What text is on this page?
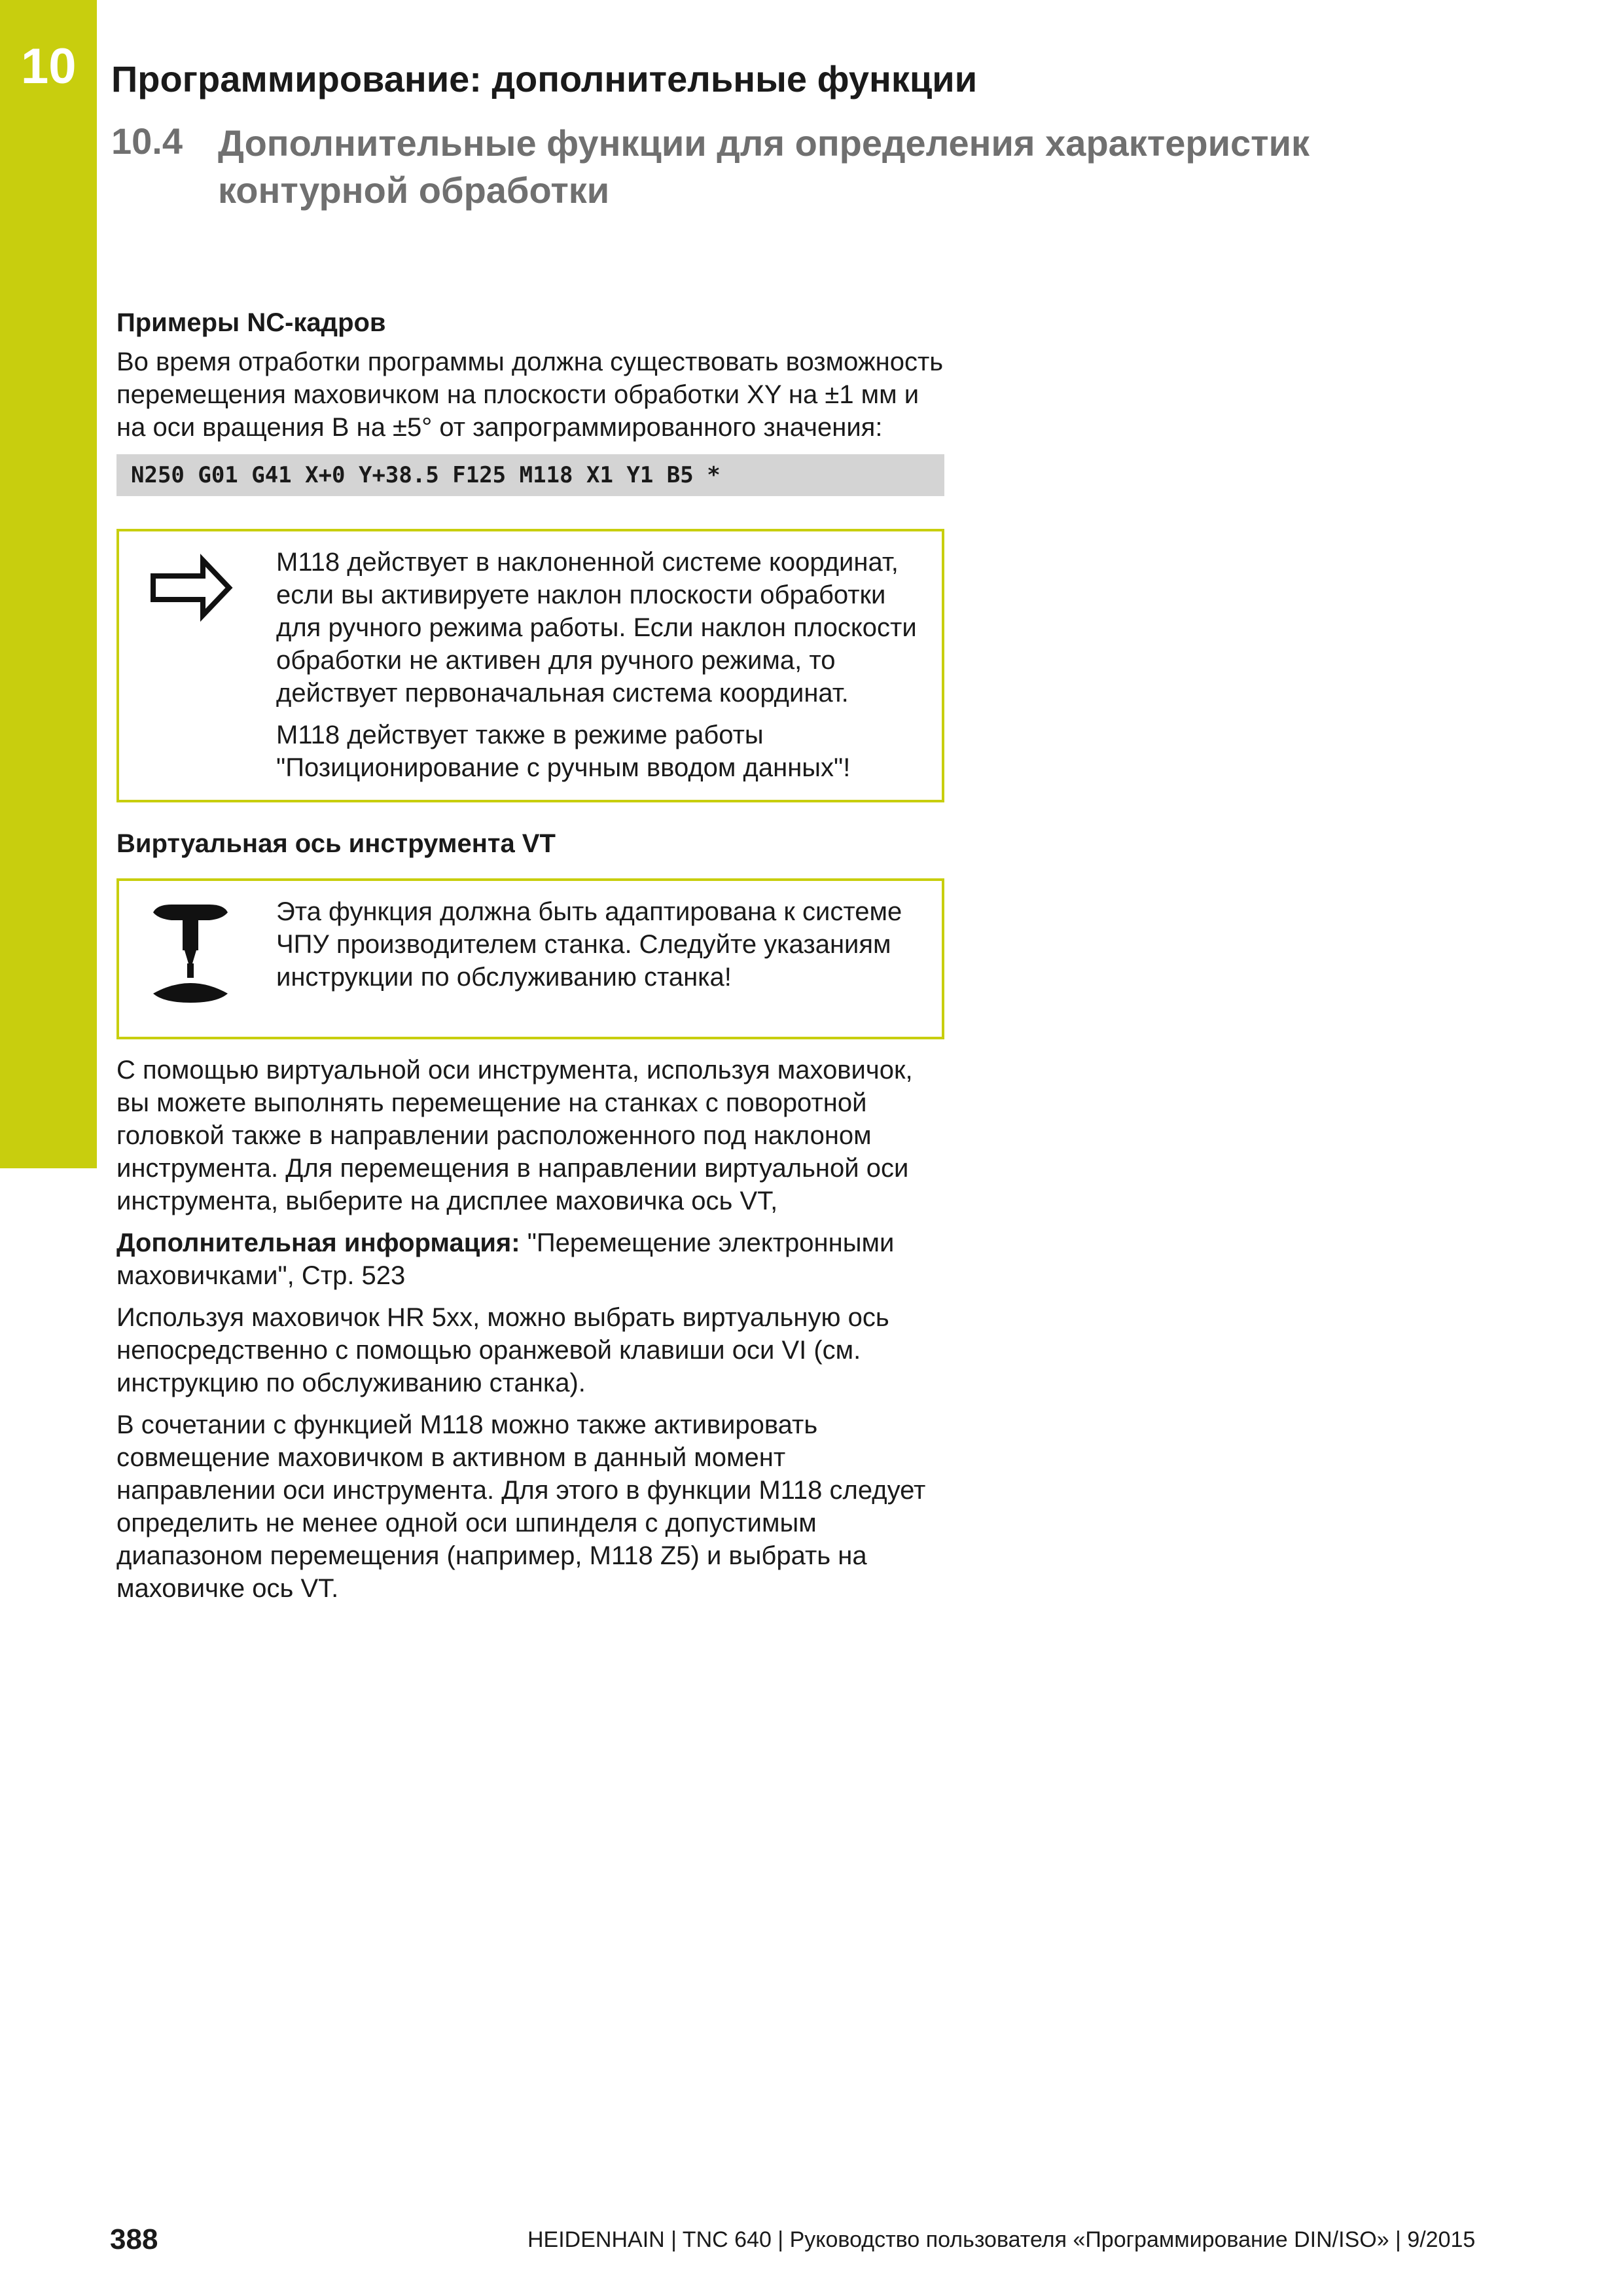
10 Программирование: дополнительные функции
10.4 Дополнительные функции для определения характеристик контурной обработки
Примеры NC-кадров
Во время отработки программы должна существовать возможность перемещения маховичком на плоскости обработки XY на ±1 мм и на оси вращения B на ±5° от запрограммированного значения:
N250 G01 G41 X+0 Y+38.5 F125 M118 X1 Y1 B5 *
M118 действует в наклоненной системе координат, если вы активируете наклон плоскости обработки для ручного режима работы. Если наклон плоскости обработки не активен для ручного режима, то действует первоначальная система координат.
M118 действует также в режиме работы "Позиционирование с ручным вводом данных"!
Виртуальная ось инструмента VT
Эта функция должна быть адаптирована к системе ЧПУ производителем станка. Следуйте указаниям инструкции по обслуживанию станка!
С помощью виртуальной оси инструмента, используя маховичок, вы можете выполнять перемещение на станках с поворотной головкой также в направлении расположенного под наклоном инструмента. Для перемещения в направлении виртуальной оси инструмента, выберите на дисплее маховичка ось VT,
Дополнительная информация: "Перемещение электронными маховичками", Стр. 523
Используя маховичок HR 5xx, можно выбрать виртуальную ось непосредственно с помощью оранжевой клавиши оси VI (см. инструкцию по обслуживанию станка).
В сочетании с функцией M118 можно также активировать совмещение маховичком в активном в данный момент направлении оси инструмента. Для этого в функции M118 следует определить не менее одной оси шпинделя с допустимым диапазоном перемещения (например, M118 Z5) и выбрать на маховичке ось VT.
388	HEIDENHAIN | TNC 640 | Руководство пользователя «Программирование DIN/ISO» | 9/2015
